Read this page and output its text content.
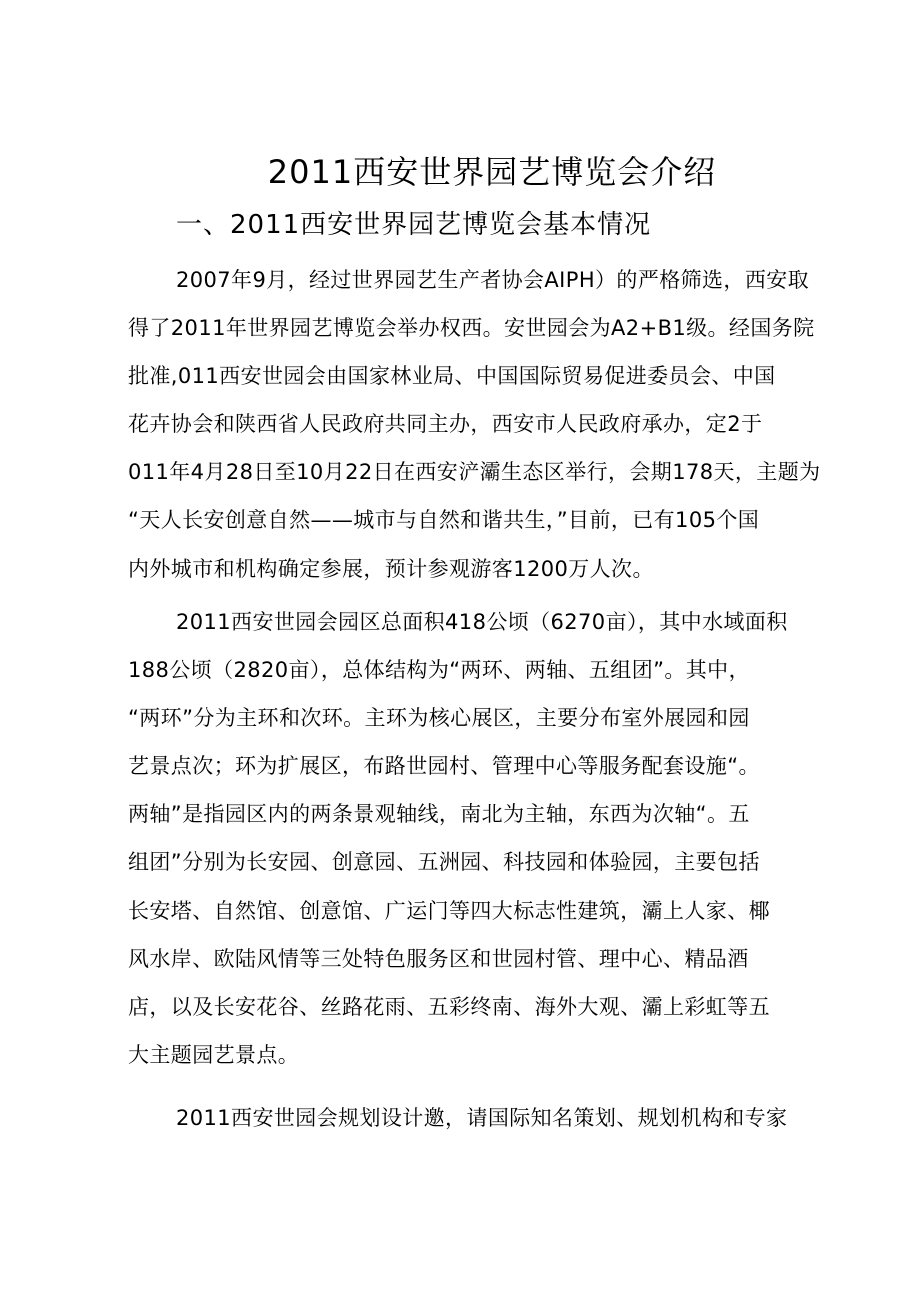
2011西安世界园艺博览会介绍
一、2011西安世界园艺博览会基本情况
2007年9月，经过世界园艺生产者协会AIPH）的严格筛选，西安取
得了2011年世界园艺博览会举办权西。安世园会为A2+B1级。经国务院
批准,011西安世园会由国家林业局、中国国际贸易促进委员会、中国
花卉协会和陕西省人民政府共同主办，西安市人民政府承办，定2于
011年4月28日至10月22日在西安浐灞生态区举行，会期178天，主题为
“天人长安创意自然——城市与自然和谐共生，”目前，已有105个国
内外城市和机构确定参展，预计参观游客1200万人次。
2011西安世园会园区总面积418公顷（6270亩），其中水域面积
188公顷（2820亩），总体结构为“两环、两轴、五组团”。其中，
“两环”分为主环和次环。主环为核心展区，主要分布室外展园和园
艺景点次；环为扩展区，布路世园村、管理中心等服务配套设施“。
两轴”是指园区内的两条景观轴线，南北为主轴，东西为次轴“。五
组团”分别为长安园、创意园、五洲园、科技园和体验园，主要包括
长安塔、自然馆、创意馆、广运门等四大标志性建筑，灞上人家、椰
风水岸、欧陆风情等三处特色服务区和世园村管、理中心、精品酒
店，以及长安花谷、丝路花雨、五彩终南、海外大观、灞上彩虹等五
大主题园艺景点。
2011西安世园会规划设计邀，请国际知名策划、规划机构和专家
